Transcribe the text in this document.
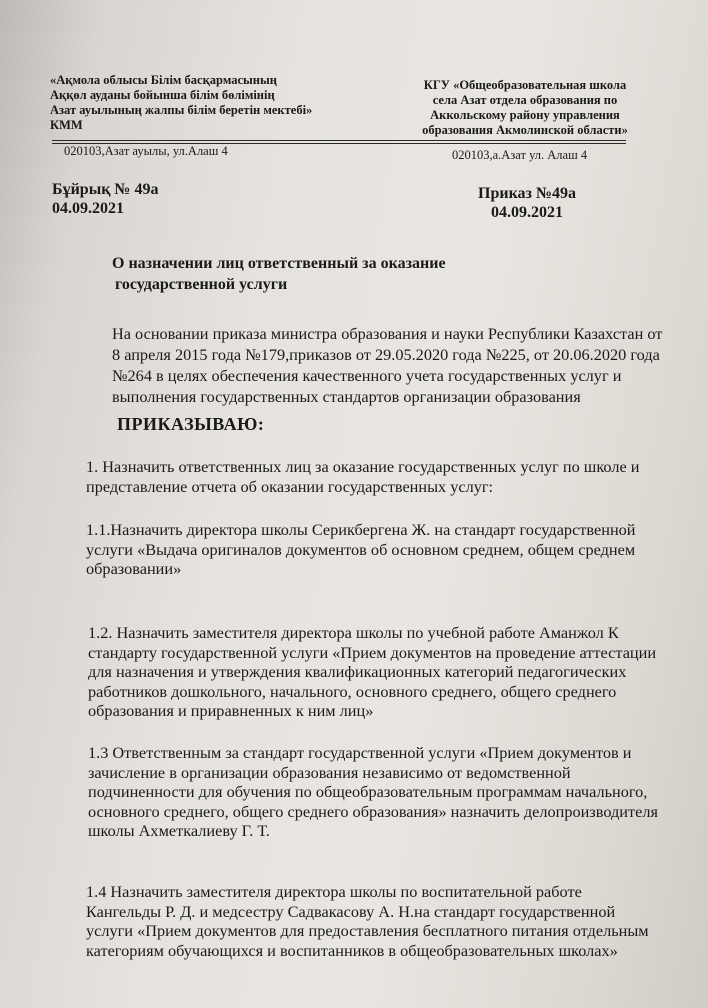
«Ақмола облысы Білім басқармасының
Аққөл ауданы бойынша білім бөлімінің
Азат ауылының жалпы білім беретін мектебі»
КММ
КГУ «Общеобразовательная школа
села Азат отдела образования по
Аккольскому району управления
образования Акмолинской области»
020103,Азат ауылы, ул.Алаш 4	020103,а.Азат ул. Алаш 4
Бұйрық № 49а
04.09.2021
Приказ №49а
04.09.2021
О назначении лиц ответственный за оказание
государственной услуги
На основании приказа министра образования и науки Республики Казахстан от
8 апреля 2015 года №179,приказов от 29.05.2020 года №225, от 20.06.2020 года
№264 в целях обеспечения качественного учета государственных услуг и
выполнения государственных стандартов организации образования
ПРИКАЗЫВАЮ:
1. Назначить ответственных лиц за оказание государственных услуг по школе и
представление отчета об оказании государственных услуг:
1.1.Назначить директора школы Серикбергена Ж. на стандарт государственной
услуги «Выдача оригиналов документов об основном среднем, общем среднем
образовании»
1.2. Назначить заместителя директора школы по учебной работе Аманжол К
стандарту государственной услуги «Прием документов на проведение аттестации
для назначения и утверждения квалификационных категорий педагогических
работников дошкольного, начального, основного среднего, общего среднего
образования и приравненных к ним лиц»
1.3 Ответственным за стандарт государственной услуги «Прием документов и
зачисление в организации образования независимо от ведомственной
подчиненности для обучения по общеобразовательным программам начального,
основного среднего, общего среднего образования» назначить делопроизводителя
школы Ахметкалиеву Г. Т.
1.4 Назначить заместителя директора школы по воспитательной работе
Кангельды Р. Д. и медсестру Садвакасову А. Н.на стандарт государственной
услуги «Прием документов для предоставления бесплатного питания отдельным
категориям обучающихся и воспитанников в общеобразовательных школах»
